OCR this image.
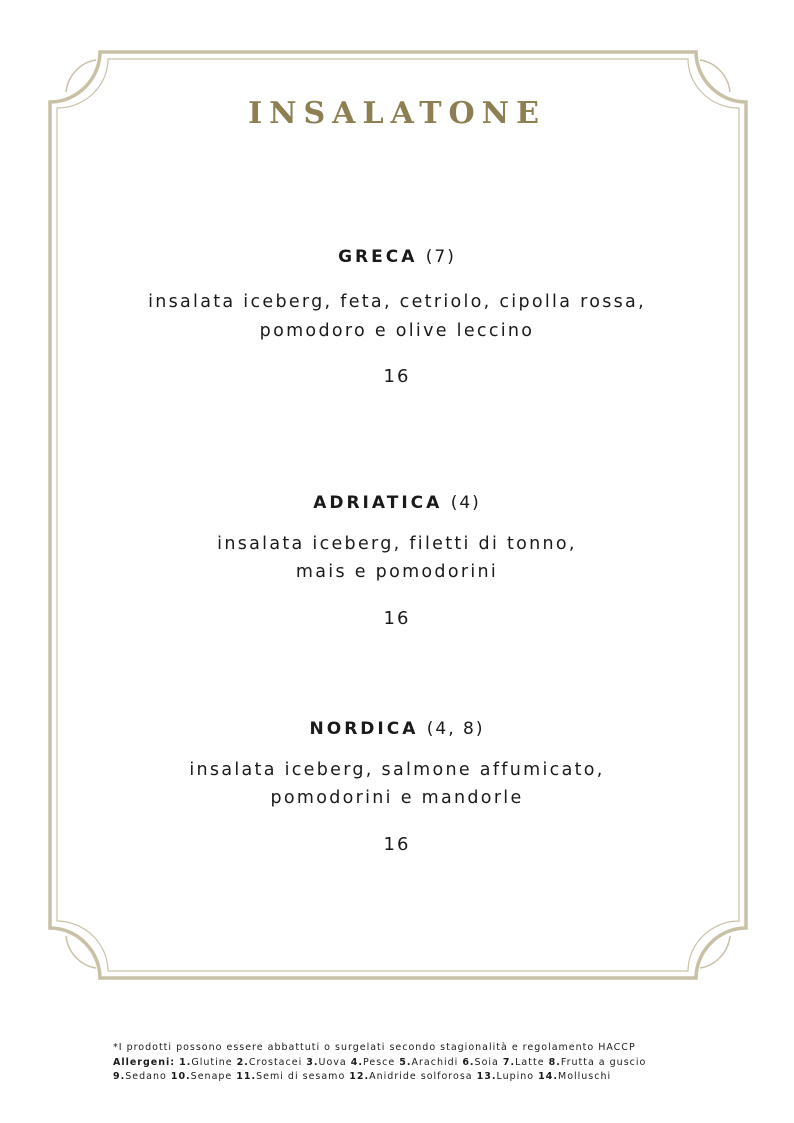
INSALATONE
GRECA (7)
insalata iceberg, feta, cetriolo, cipolla rossa,
pomodoro e olive leccino
16
ADRIATICA (4)
insalata iceberg, filetti di tonno,
mais e pomodorini
16
NORDICA (4, 8)
insalata iceberg, salmone affumicato,
pomodorini e mandorle
16
*I prodotti possono essere abbattuti o surgelati secondo stagionalità e regolamento HACCP
Allergeni: 1.Glutine 2.Crostacei 3.Uova 4.Pesce 5.Arachidi 6.Soia 7.Latte 8.Frutta a guscio
9.Sedano 10.Senape 11.Semi di sesamo 12.Anidride solforosa 13.Lupino 14.Molluschi
